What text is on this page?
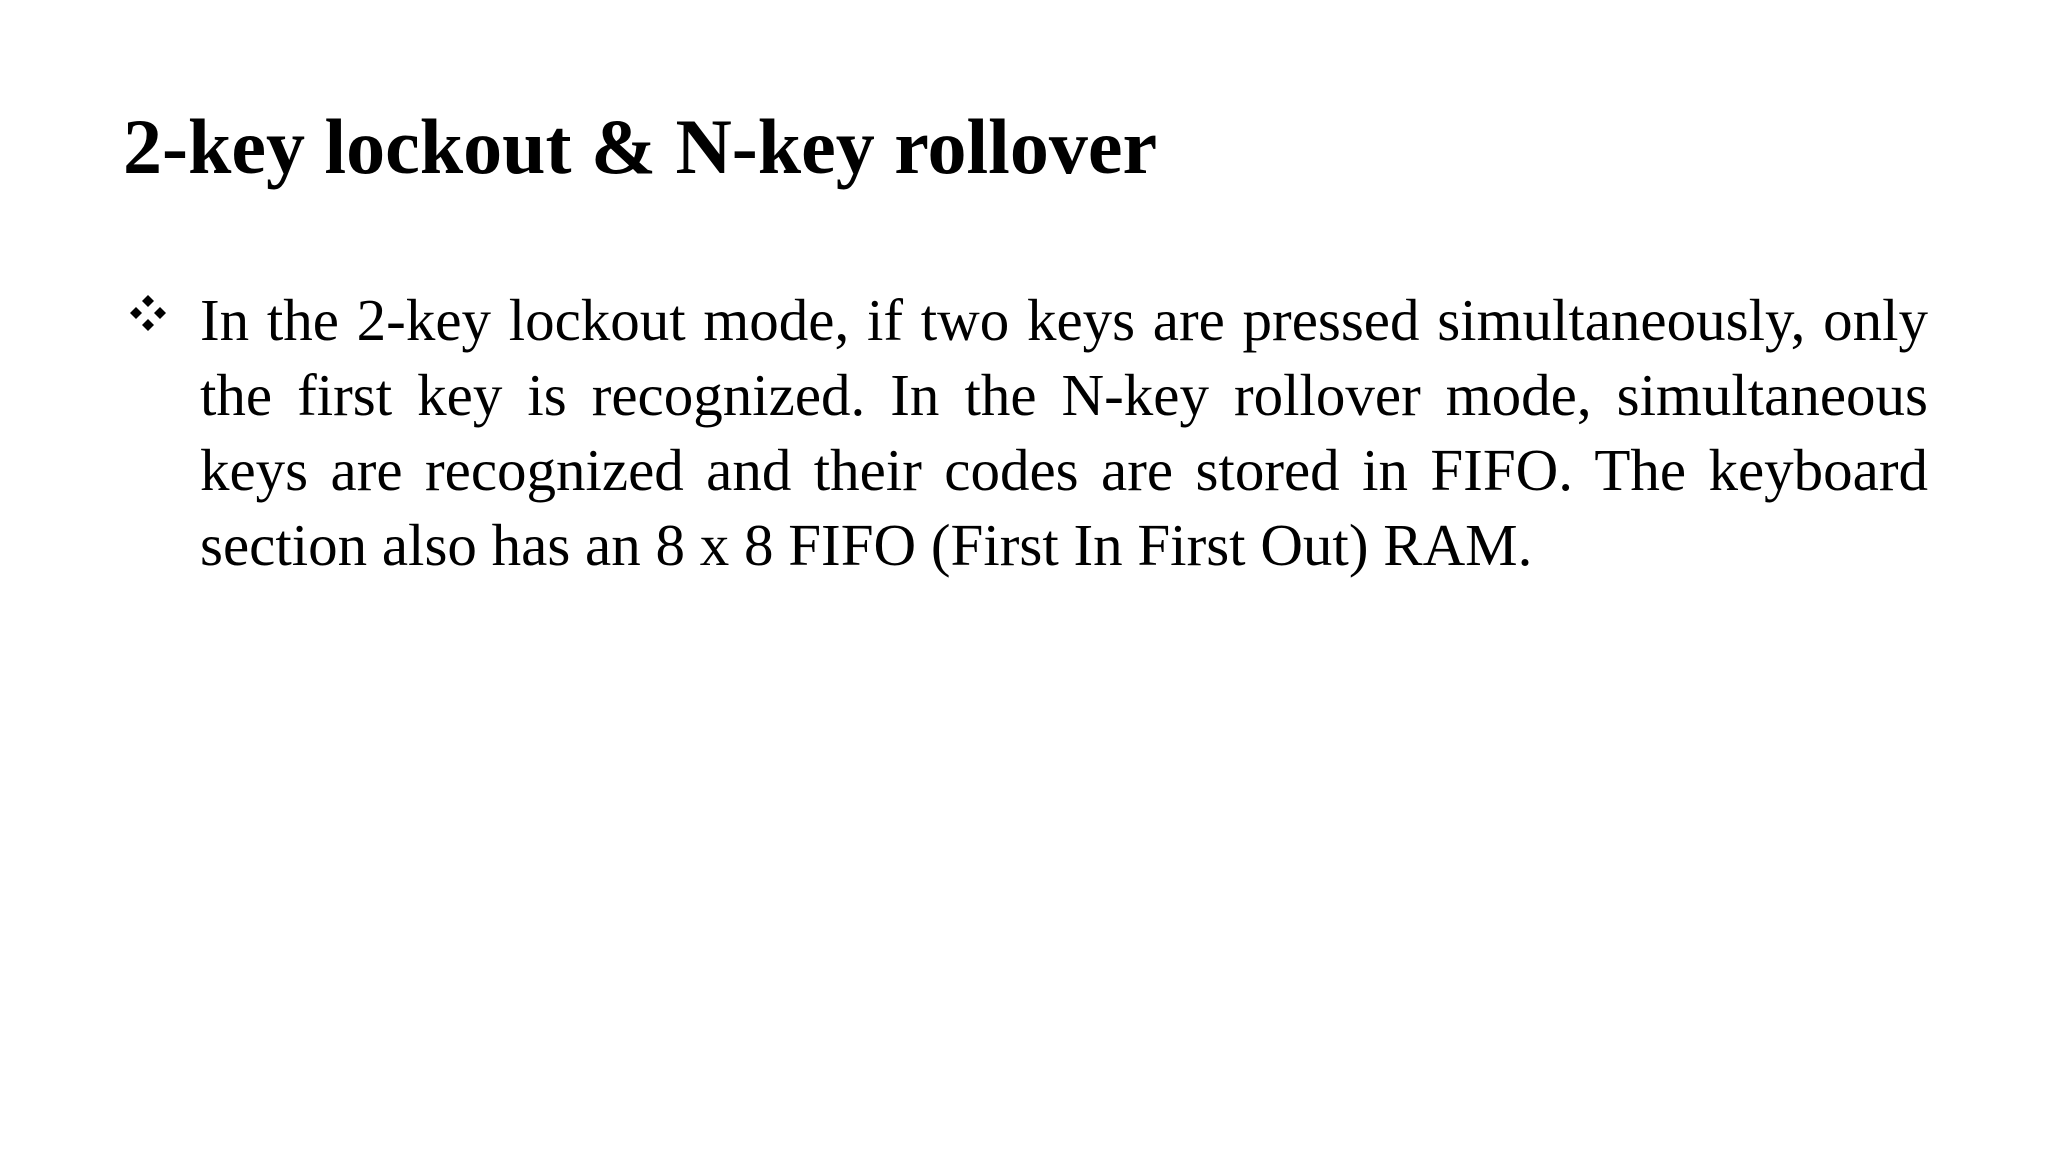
2-key lockout & N-key rollover

In the 2-key lockout mode, if two keys are pressed simultaneously, only the first key is recognized. In the N-key rollover mode, simultaneous keys are recognized and their codes are stored in FIFO. The keyboard section also has an 8 x 8 FIFO (First In First Out) RAM.
